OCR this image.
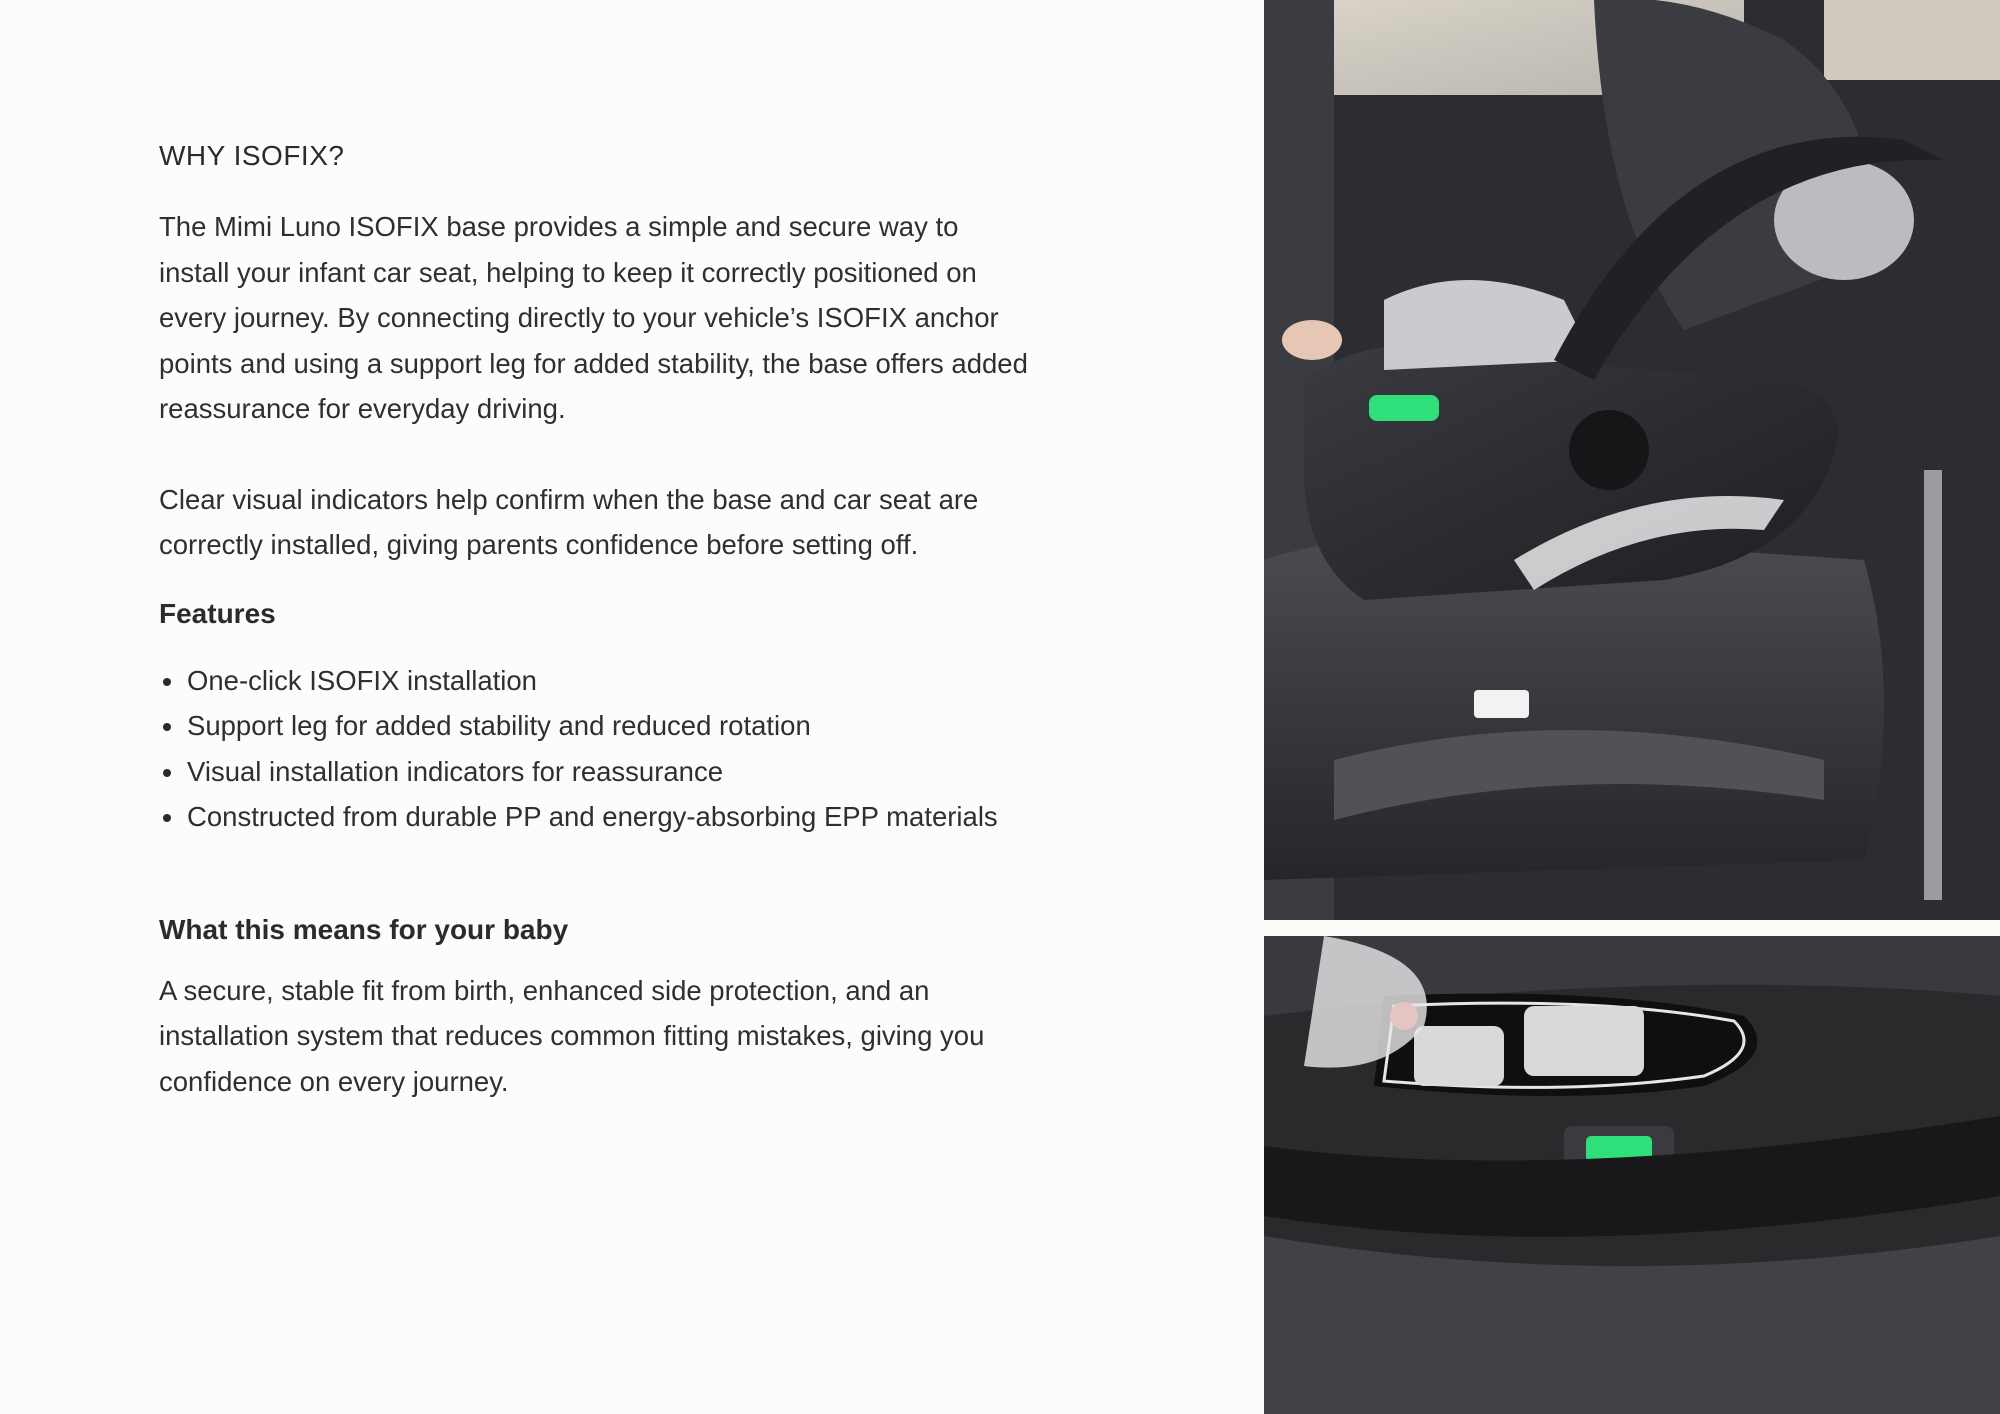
WHY ISOFIX?

The Mimi Luno ISOFIX base provides a simple and secure way to install your infant car seat, helping to keep it correctly positioned on every journey. By connecting directly to your vehicle’s ISOFIX anchor points and using a support leg for added stability, the base offers added reassurance for everyday driving.

Clear visual indicators help confirm when the base and car seat are correctly installed, giving parents confidence before setting off.

Features
One-click ISOFIX installation
Support leg for added stability and reduced rotation
Visual installation indicators for reassurance
Constructed from durable PP and energy-absorbing EPP materials
What this means for your baby

A secure, stable fit from birth, enhanced side protection, and an installation system that reduces common fitting mistakes, giving you confidence on every journey.
